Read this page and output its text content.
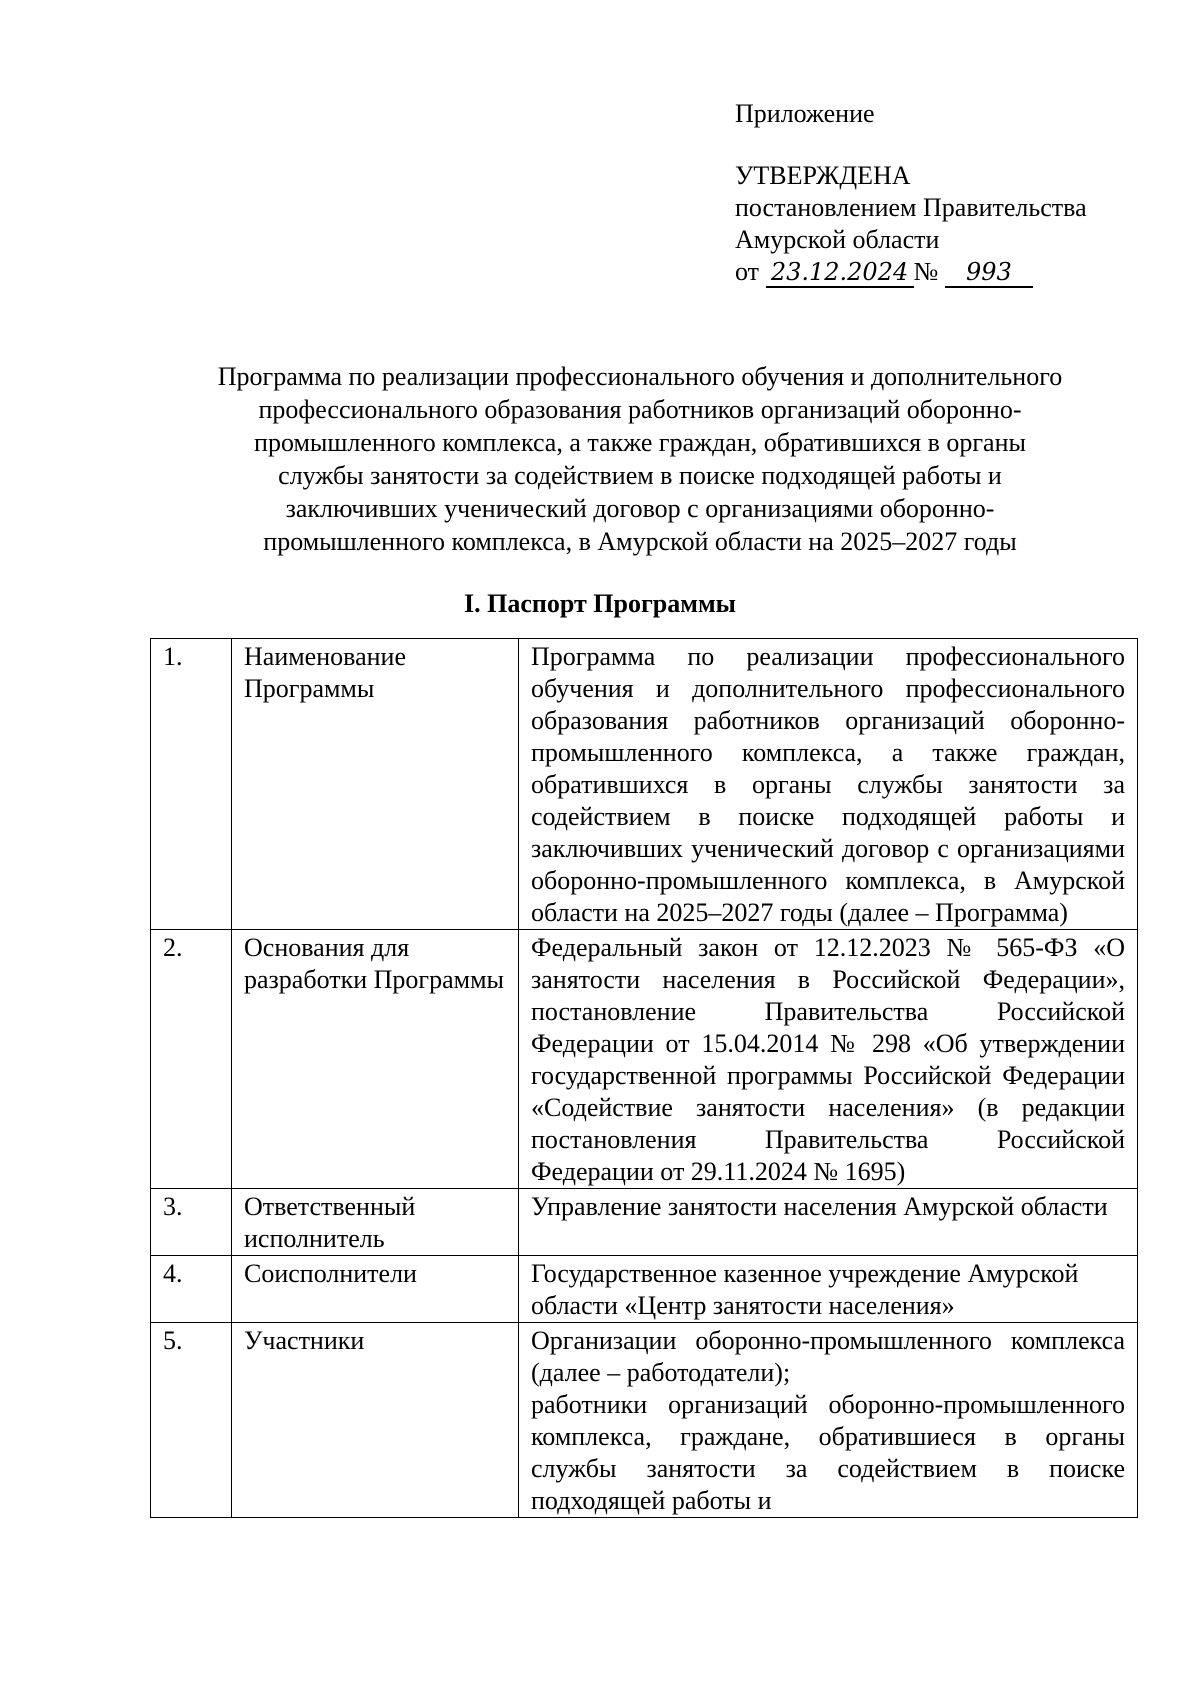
Приложение
УТВЕРЖДЕНА
постановлением Правительства
Амурской области
от 23.12.2024 № 993
Программа по реализации профессионального обучения и дополнительного
профессионального образования работников организаций оборонно-
промышленного комплекса, а также граждан, обратившихся в органы
службы занятости за содействием в поиске подходящей работы и
заключивших ученический договор с организациями оборонно-
промышленного комплекса, в Амурской области на 2025–2027 годы
I. Паспорт Программы
1.	Наименование Программы	Программа по реализации профессионального обучения и дополнительного профессионального образования работников организаций оборонно-промышленного комплекса, а также граждан, обратившихся в органы службы занятости за содействием в поиске подходящей работы и заключивших ученический договор с организациями оборонно-промышленного комплекса, в Амурской области на 2025–2027 годы (далее – Программа)
2.	Основания для разработки Программы	Федеральный закон от 12.12.2023 № 565-ФЗ «О занятости населения в Российской Федерации», постановление Правительства Российской Федерации от 15.04.2014 № 298 «Об утверждении государственной программы Российской Федерации «Содействие занятости населения» (в редакции постановления Правительства Российской Федерации от 29.11.2024 № 1695)
3.	Ответственный исполнитель	Управление занятости населения Амурской области
4.	Соисполнители	Государственное казенное учреждение Амурской области «Центр занятости населения»
5.	Участники	Организации оборонно-промышленного комплекса (далее – работодатели);
работники организаций оборонно-промышленного комплекса, граждане, обратившиеся в органы службы занятости за содействием в поиске подходящей работы и
